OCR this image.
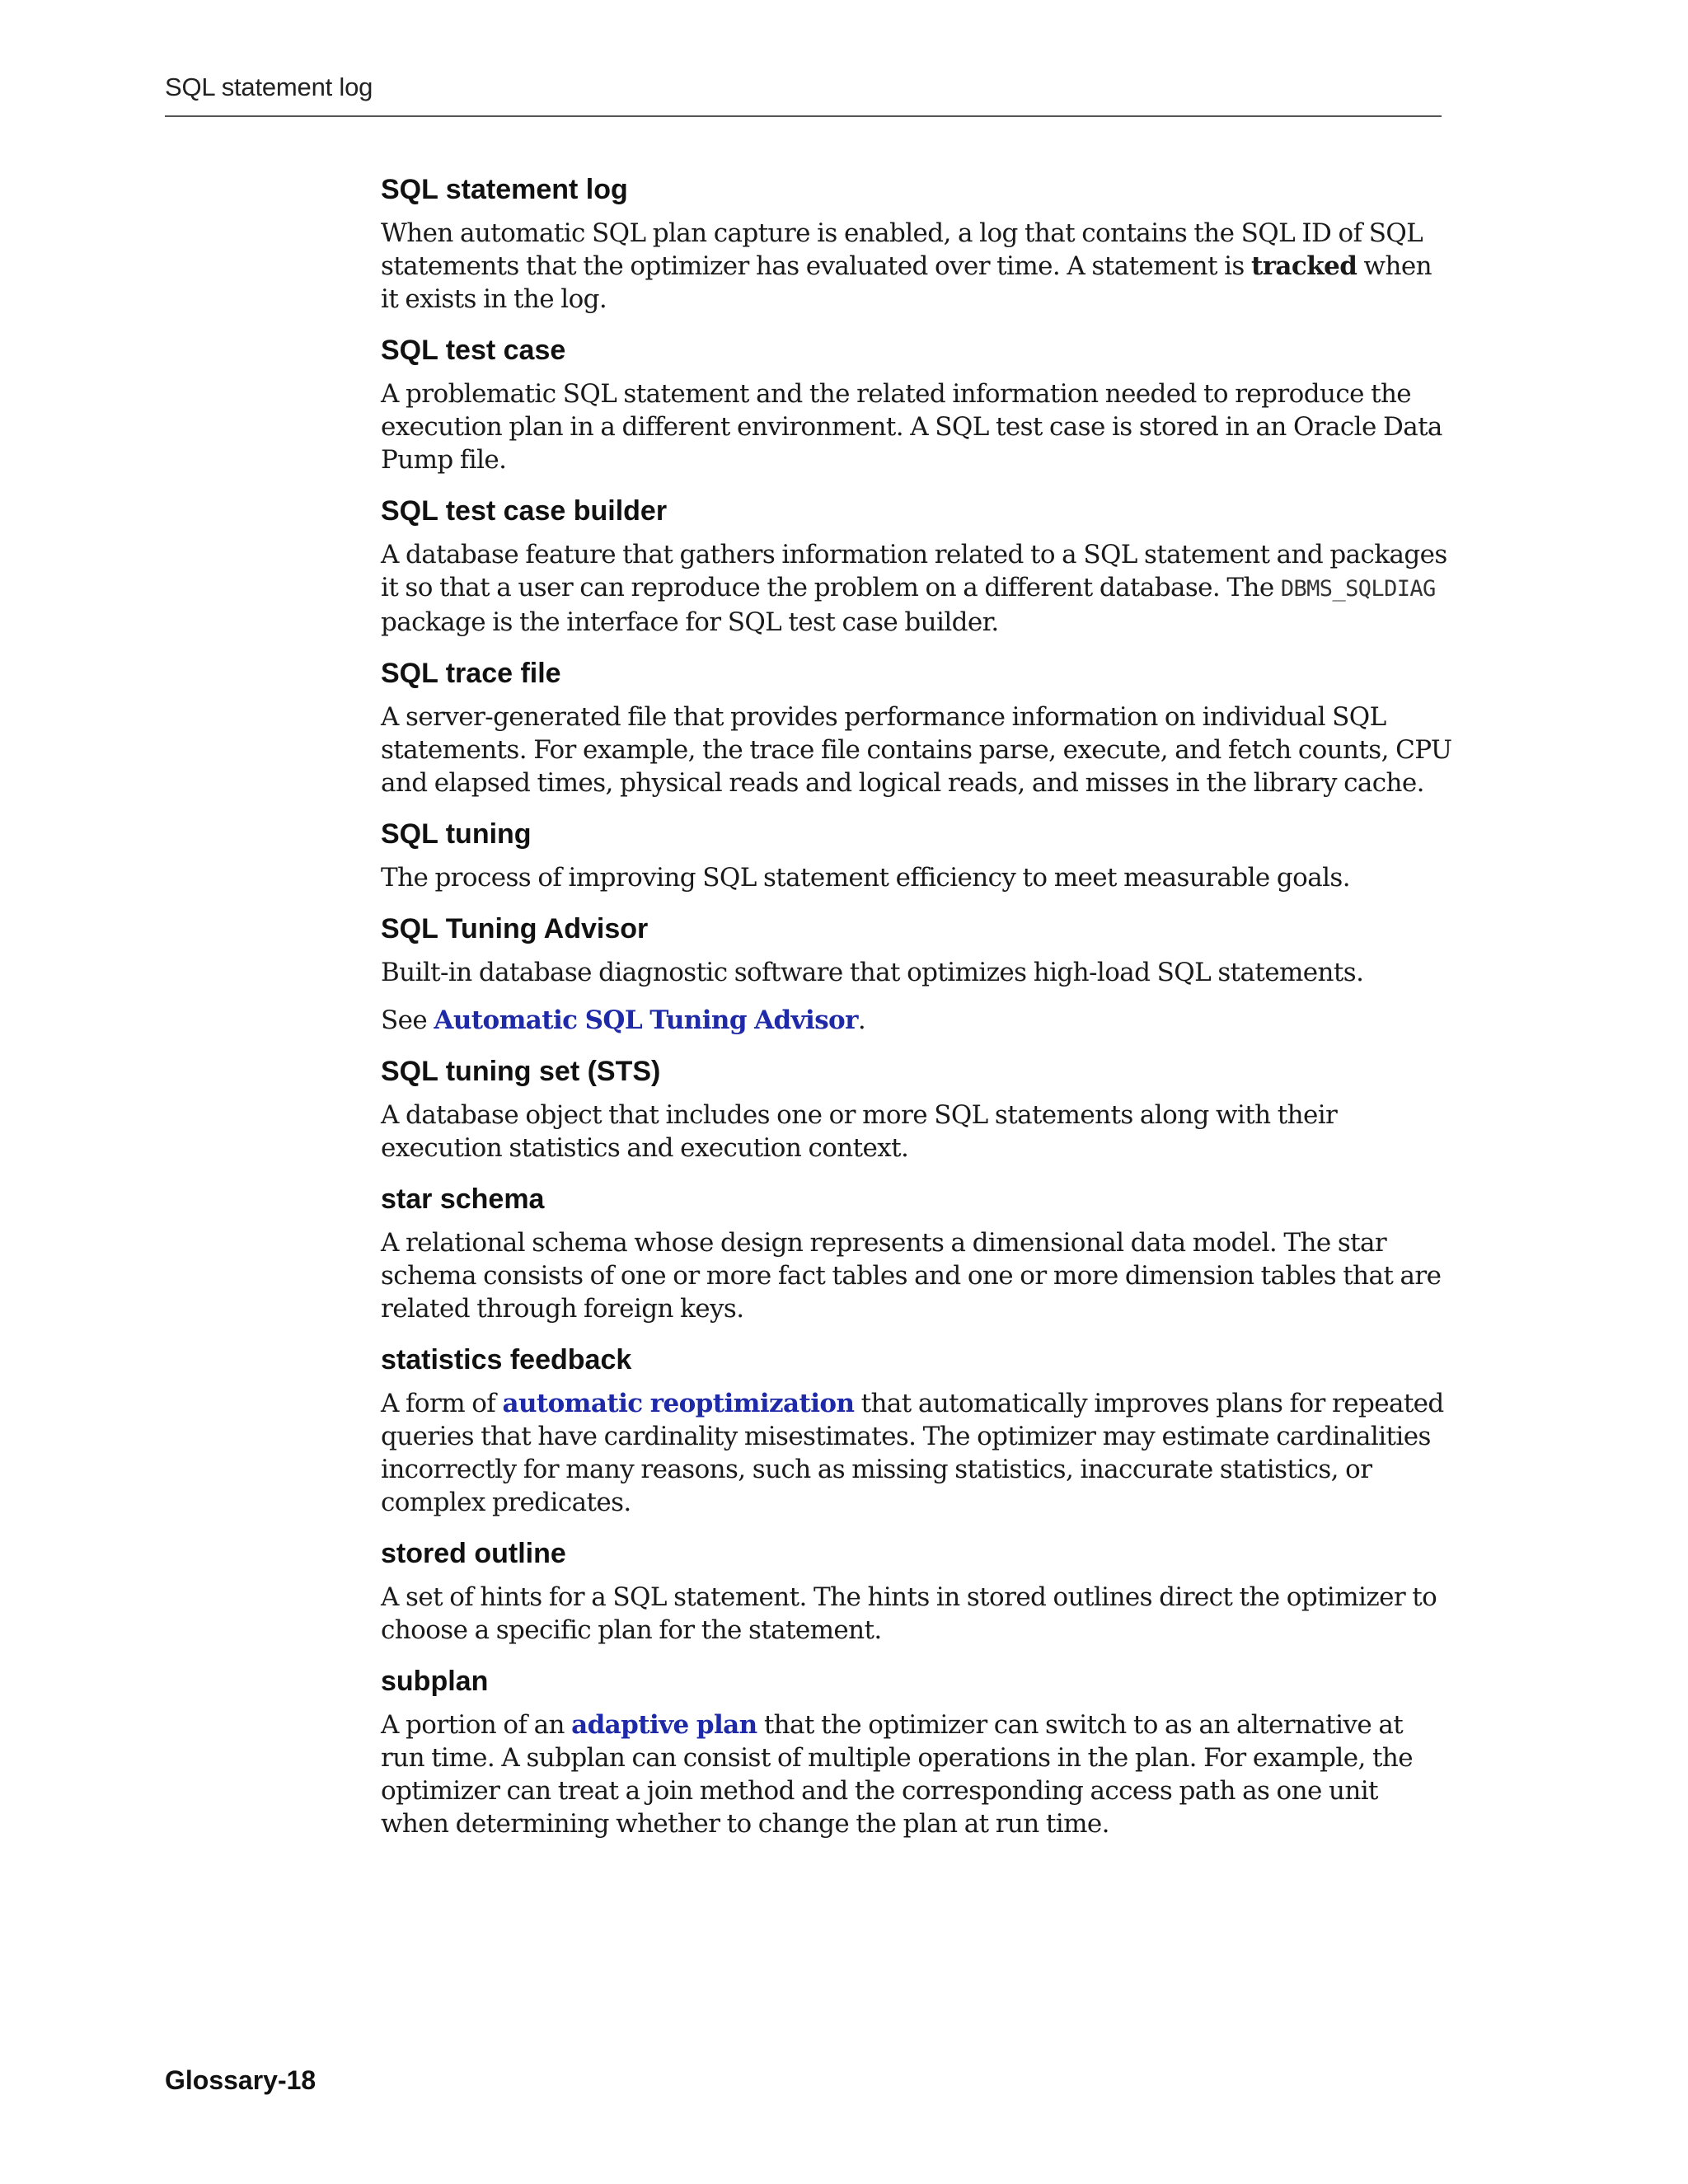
SQL statement log
SQL statement log

When automatic SQL plan capture is enabled, a log that contains the SQL ID of SQL statements that the optimizer has evaluated over time. A statement is tracked when it exists in the log.

SQL test case

A problematic SQL statement and the related information needed to reproduce the execution plan in a different environment. A SQL test case is stored in an Oracle Data Pump file.

SQL test case builder

A database feature that gathers information related to a SQL statement and packages it so that a user can reproduce the problem on a different database. The DBMS_SQLDIAG package is the interface for SQL test case builder.

SQL trace file

A server-generated file that provides performance information on individual SQL statements. For example, the trace file contains parse, execute, and fetch counts, CPU and elapsed times, physical reads and logical reads, and misses in the library cache.

SQL tuning

The process of improving SQL statement efficiency to meet measurable goals.

SQL Tuning Advisor

Built-in database diagnostic software that optimizes high-load SQL statements.

See Automatic SQL Tuning Advisor.

SQL tuning set (STS)

A database object that includes one or more SQL statements along with their execution statistics and execution context.

star schema

A relational schema whose design represents a dimensional data model. The star schema consists of one or more fact tables and one or more dimension tables that are related through foreign keys.

statistics feedback

A form of automatic reoptimization that automatically improves plans for repeated queries that have cardinality misestimates. The optimizer may estimate cardinalities incorrectly for many reasons, such as missing statistics, inaccurate statistics, or complex predicates.

stored outline

A set of hints for a SQL statement. The hints in stored outlines direct the optimizer to choose a specific plan for the statement.

subplan

A portion of an adaptive plan that the optimizer can switch to as an alternative at run time. A subplan can consist of multiple operations in the plan. For example, the optimizer can treat a join method and the corresponding access path as one unit when determining whether to change the plan at run time.

Glossary-18
